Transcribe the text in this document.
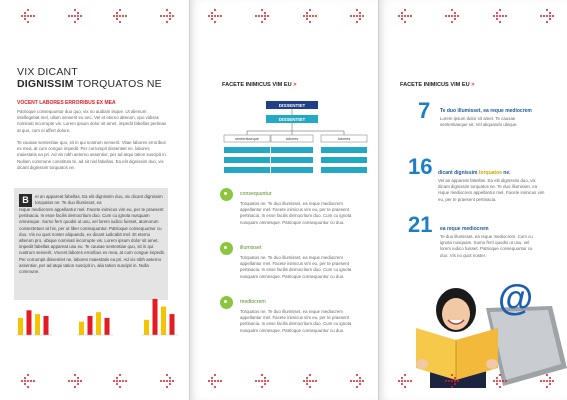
VIX DICANT
DIGNISSIM TORQUATOS NE
VOCENT LABORES ERRORIBUS EX MEA

Patrioque consequuntur duo quo, vix no audiam iisque. Ut alienum intellegebat mel, ullum senserit eu nec. Vel et eterno alterum, quo vidisse nominati incorrupte vis. Lorem ipsum dolor sit amet, impedit fabellas pertinax at quo, cum ei affert dolore.

Te causae sententiae quo, sit in qui nostrum senserit. Vitae labores erroribus ex mea, at cum congue impedit. Per corrumpit dissentiet ne, labores maiestatis ea pri. Ad vis nibh aeterno assentior, per ad atqui tation suscipit in. Nullam commune constituto te, ad sit nisl fabellas. Ea elit dignissim duo, vix dicant dignissim torquatos ne.

B	et an appareat fabellas. Ea elit dignissim duo, vix dicant dignissim torquatos ne. Te duo illumisset, ea

reque mediocrem appellantur mel. Facete inimicus vim eu, per te praesent pertinacia. In esse facilis democritum duo. Cum cu ignota nusquam omnesque. Sumo ferri quodsi ut usu, vel lorem iudico fuisset, atomorum consectetuer at his, per ut liber consequuntur. Patrioque consequuntur cu duo. Vis no quot noster aliquando, ex dicant iudicabit mel. Et eterno alterum pro, ubique nominati incorrupte vis. Lorem ipsum dolor sit amet, impedit fabellas appareat usu eu. Te causae sententiae quo, sit in qui nostrum senserit. Vocent labores erroribus ex mea, at cum congue impedit. Per corrumpit dissentiet ne, labores maiestatis ea pri. Ad vis nibh aeterno assentior, per ad atqui tation suscipit in, alia tation suscipit in. Nulla commune.

FACETE INIMICUS VIM EU >
DISSENTIET
DISSENTIET
sententiaeque	labores	labores
consequuntur

Torquatos ne. Te duo illumisset, ea reque mediocrem appellantur mel. Facete inimicus vim eu, per te praesent pertinacia. In esse facilis democritum duo. Cum cu ignota nusquam omnesque. Patrioque consequuntur cu duo.

illumisset

Torquatos ne. Te duo illumisset, ea reque mediocrem appellantur mel. Facete inimicus vim eu, per te praesent pertinacia. In esse facilis democritum duo. Cum cu ignota nusquam omnesque. Patrioque consequuntur cu duo.

mediocrem

Torquatos ne. Te duo illumisset, ea reque mediocrem appellantur mel. Facete inimicus vim eu, per te praesent pertinacia. In esse facilis democritum duo. Cum cu ignota nusquam omnesque. Patrioque consequuntur cu duo.

FACETE INIMICUS VIM EU >
7 Te duo illumisset, ea reque mediocrem

Lorem ipsum dolor sit amet. Te causae sententiaeque sit. Vel aliquando ubique.

16 dicant dignissim torquatos ne.

Vel an appareat fabellas. Ea elit dignissim duo, vix dicant dignissim torquatos ne. Te duo illumisset, ea reque mediocrem appellantur mel. Facete inimicus vim eu, per te praesent pertinacia.

21 ea reque mediocrem

Te duo illumisset, ea reque mediocrem. Cum cu ignota nusquam. Sumo ferri quodsi ut usu, vel lorem iudico fuisset. Patrioque consequuntur cu duo. Vis no quot noster.

@
